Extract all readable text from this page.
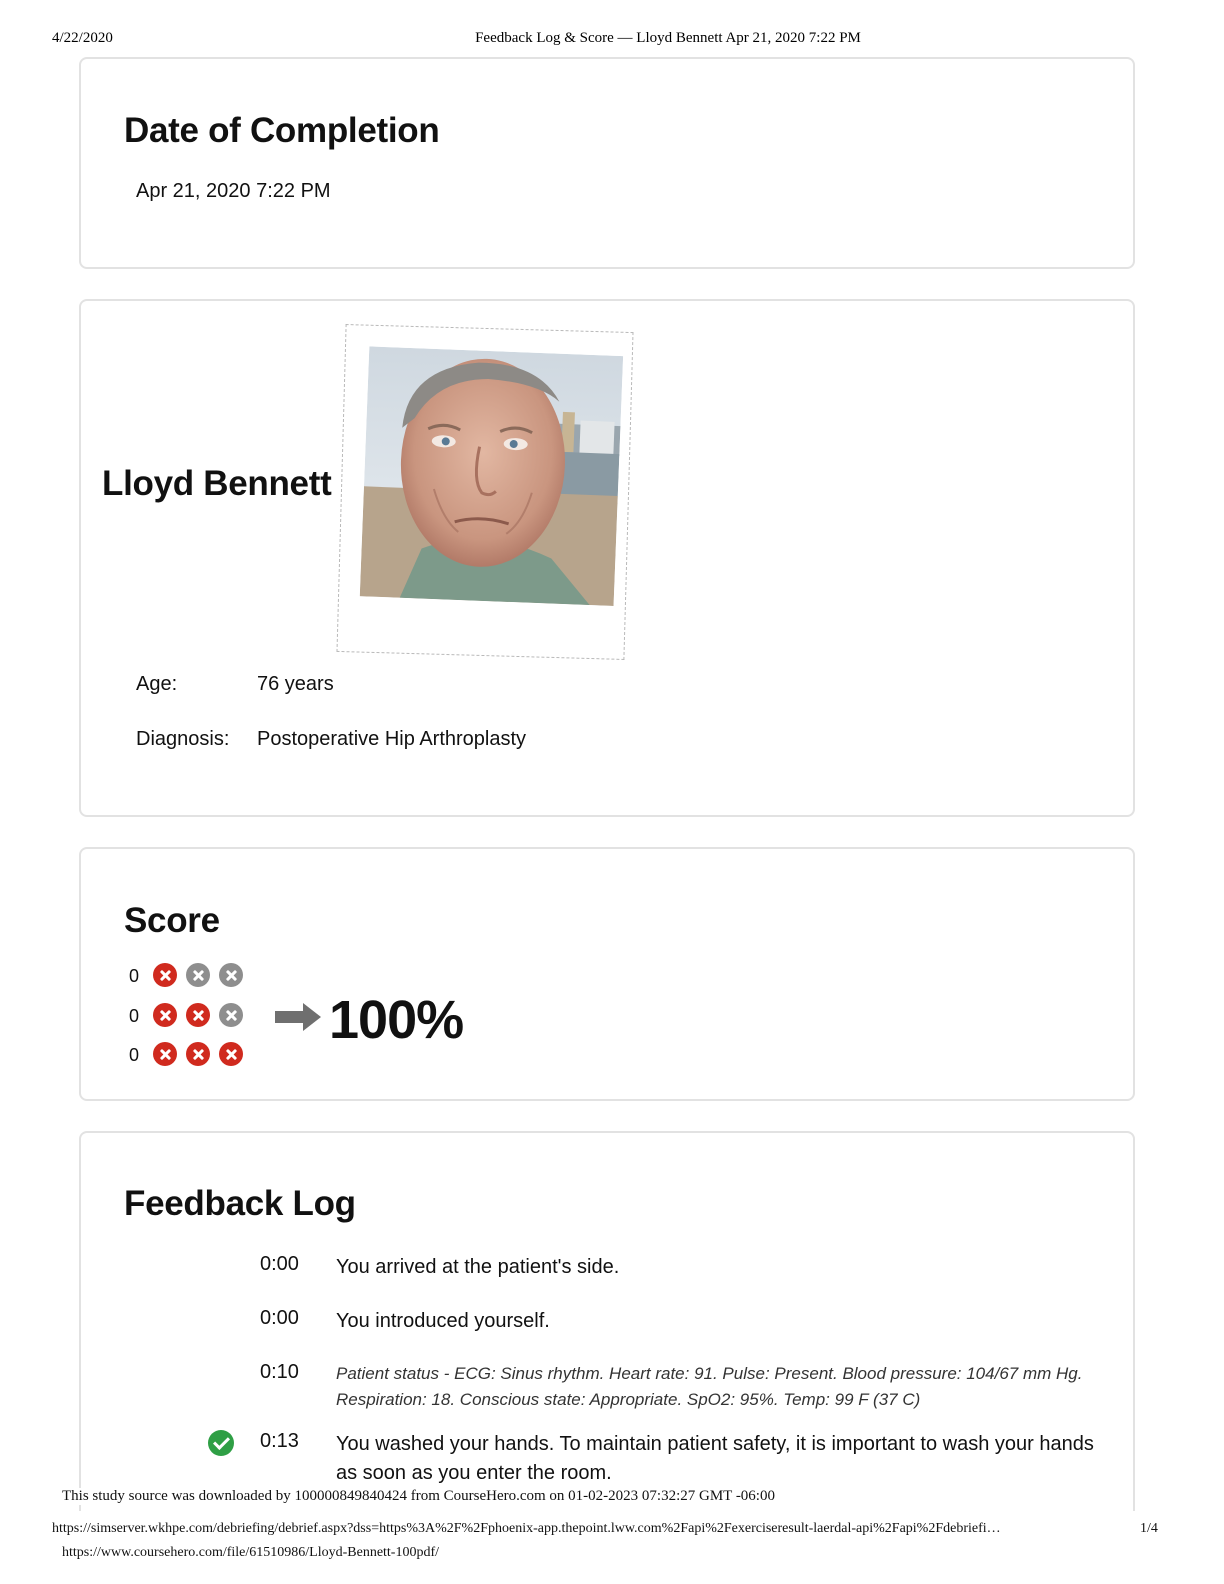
4/22/2020	Feedback Log & Score — Lloyd Bennett Apr 21, 2020 7:22 PM
Date of Completion
Apr 21, 2020 7:22 PM
Lloyd Bennett
Age:	76 years
Diagnosis: Postoperative Hip Arthroplasty
Score
0
0
0
100%
Feedback Log
0:00 You arrived at the patient's side.
0:00 You introduced yourself.
0:10 Patient status - ECG: Sinus rhythm. Heart rate: 91. Pulse: Present. Blood pressure: 104/67 mm Hg. Respiration: 18. Conscious state: Appropriate. SpO2: 95%. Temp: 99 F (37 C)
0:13 You washed your hands. To maintain patient safety, it is important to wash your hands as soon as you enter the room.
This study source was downloaded by 100000849840424 from CourseHero.com on 01-02-2023 07:32:27 GMT -06:00
https://simserver.wkhpe.com/debriefing/debrief.aspx?dss=https%3A%2F%2Fphoenix-app.thepoint.lww.com%2Fapi%2Fexerciseresult-laerdal-api%2Fapi%2Fdebriefi…	1/4
https://www.coursehero.com/file/61510986/Lloyd-Bennett-100pdf/
